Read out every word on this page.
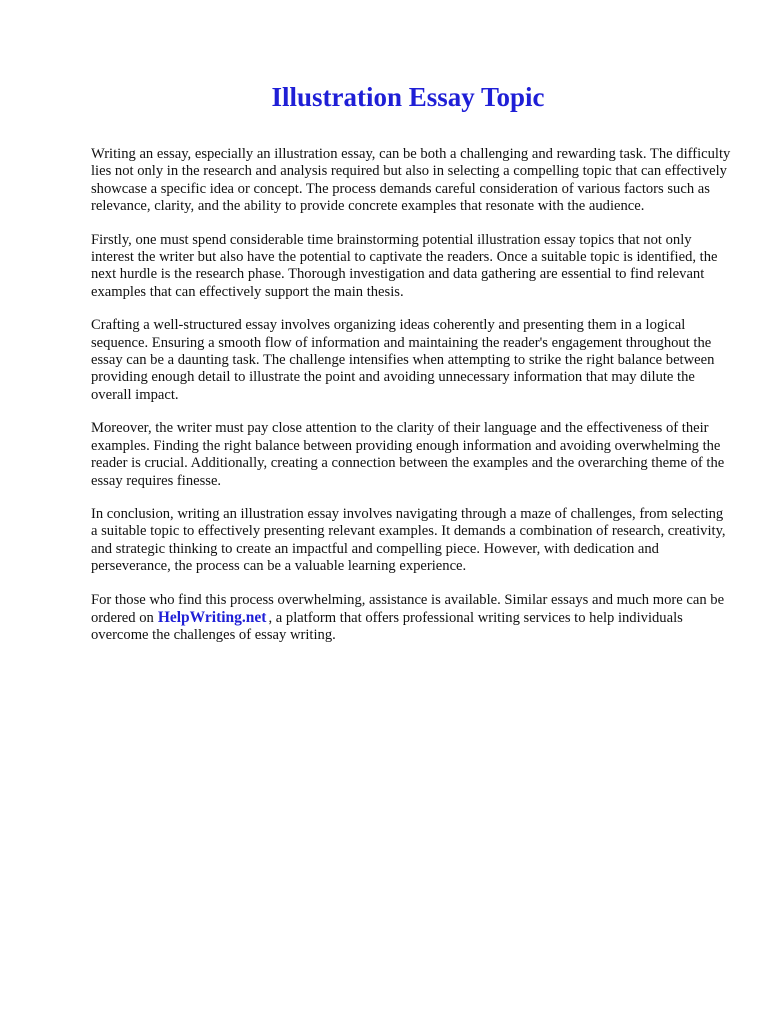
Illustration Essay Topic

Writing an essay, especially an illustration essay, can be both a challenging and rewarding task. The difficulty lies not only in the research and analysis required but also in selecting a compelling topic that can effectively showcase a specific idea or concept. The process demands careful consideration of various factors such as relevance, clarity, and the ability to provide concrete examples that resonate with the audience.

Firstly, one must spend considerable time brainstorming potential illustration essay topics that not only interest the writer but also have the potential to captivate the readers. Once a suitable topic is identified, the next hurdle is the research phase. Thorough investigation and data gathering are essential to find relevant examples that can effectively support the main thesis.

Crafting a well-structured essay involves organizing ideas coherently and presenting them in a logical sequence. Ensuring a smooth flow of information and maintaining the reader's engagement throughout the essay can be a daunting task. The challenge intensifies when attempting to strike the right balance between providing enough detail to illustrate the point and avoiding unnecessary information that may dilute the overall impact.

Moreover, the writer must pay close attention to the clarity of their language and the effectiveness of their examples. Finding the right balance between providing enough information and avoiding overwhelming the reader is crucial. Additionally, creating a connection between the examples and the overarching theme of the essay requires finesse.

In conclusion, writing an illustration essay involves navigating through a maze of challenges, from selecting a suitable topic to effectively presenting relevant examples. It demands a combination of research, creativity, and strategic thinking to create an impactful and compelling piece. However, with dedication and perseverance, the process can be a valuable learning experience.

For those who find this process overwhelming, assistance is available. Similar essays and much more can be ordered on HelpWriting.net , a platform that offers professional writing services to help individuals overcome the challenges of essay writing.
